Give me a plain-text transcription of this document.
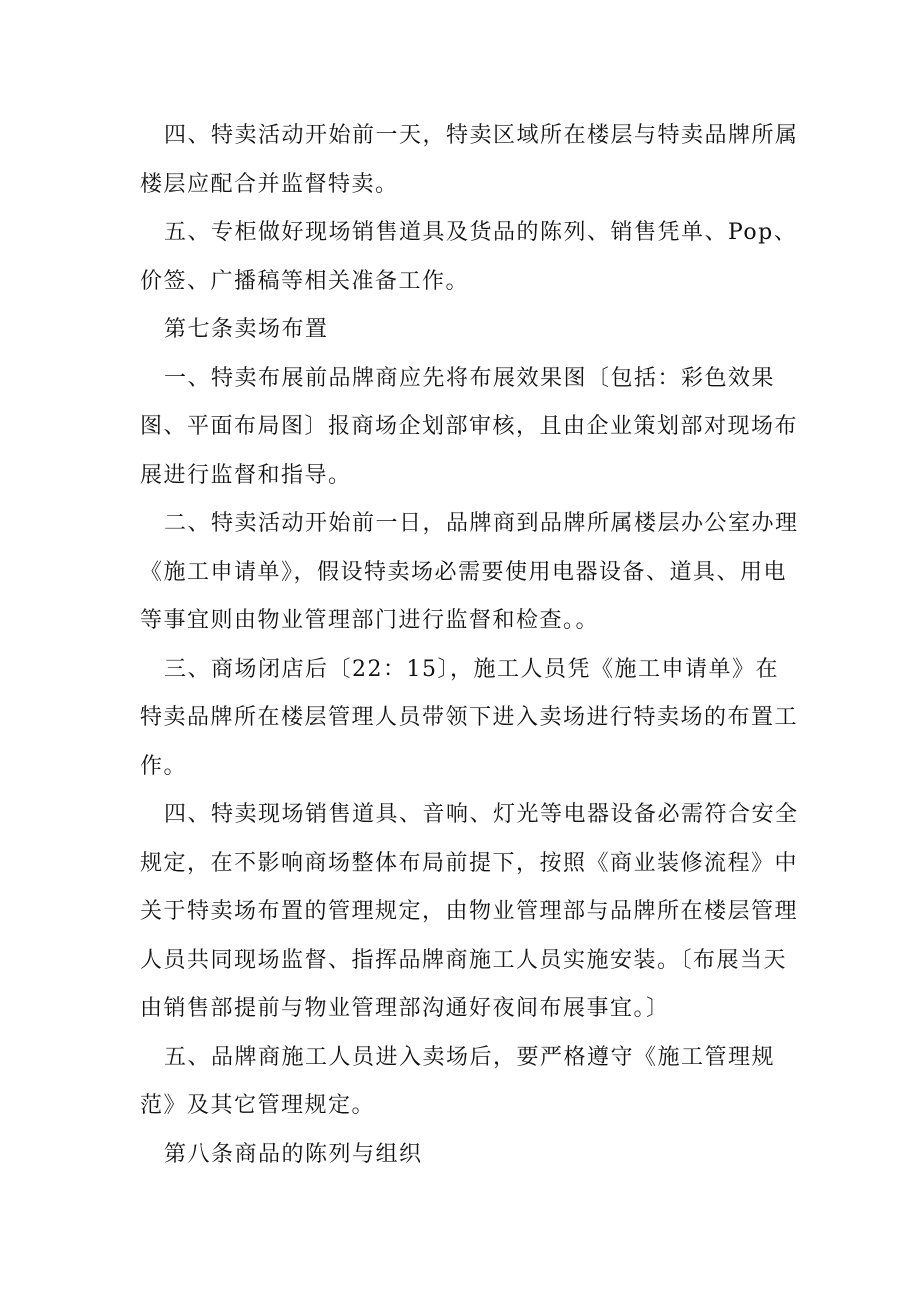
四、特卖活动开始前一天，特卖区域所在楼层与特卖品牌所属楼层应配合并监督特卖。

五、专柜做好现场销售道具及货品的陈列、销售凭单、Pop、价签、广播稿等相关准备工作。

第七条卖场布置

一、特卖布展前品牌商应先将布展效果图〔包括：彩色效果图、平面布局图〕报商场企划部审核，且由企业策划部对现场布展进行监督和指导。

二、特卖活动开始前一日，品牌商到品牌所属楼层办公室办理《施工申请单》，假设特卖场必需要使用电器设备、道具、用电等事宜则由物业管理部门进行监督和检查。。

三、商场闭店后〔22：15〕，施工人员凭《施工申请单》在特卖品牌所在楼层管理人员带领下进入卖场进行特卖场的布置工作。

四、特卖现场销售道具、音响、灯光等电器设备必需符合安全规定，在不影响商场整体布局前提下，按照《商业装修流程》中关于特卖场布置的管理规定，由物业管理部与品牌所在楼层管理人员共同现场监督、指挥品牌商施工人员实施安装。〔布展当天由销售部提前与物业管理部沟通好夜间布展事宜。〕

五、品牌商施工人员进入卖场后，要严格遵守《施工管理规范》及其它管理规定。

第八条商品的陈列与组织
